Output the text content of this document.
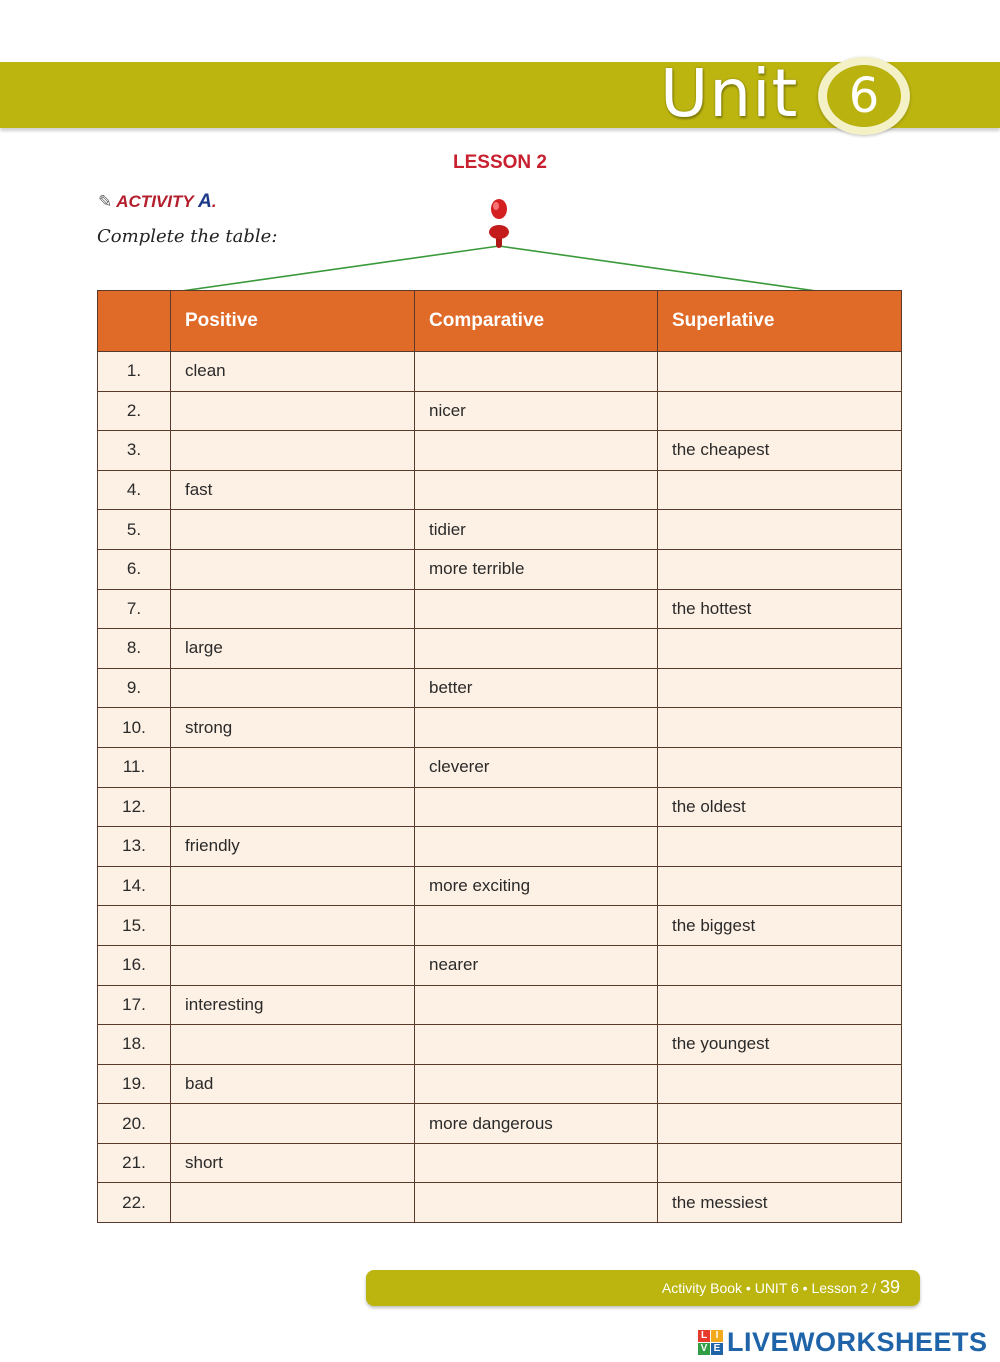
Unit	6
LESSON 2
✎ ACTIVITY A.
Complete the table:
	Positive	Comparative	Superlative
1.	clean		
2.		nicer	
3.			the cheapest
4.	fast		
5.		tidier	
6.		more terrible	
7.			the hottest
8.	large		
9.		better	
10.	strong		
11.		cleverer	
12.			the oldest
13.	friendly		
14.		more exciting	
15.			the biggest
16.		nearer	
17.	interesting		
18.			the youngest
19.	bad		
20.		more dangerous	
21.	short		
22.			the messiest
Activity Book • UNIT 6 • Lesson 2 / 39
L I
V E LIVEWORKSHEETS
